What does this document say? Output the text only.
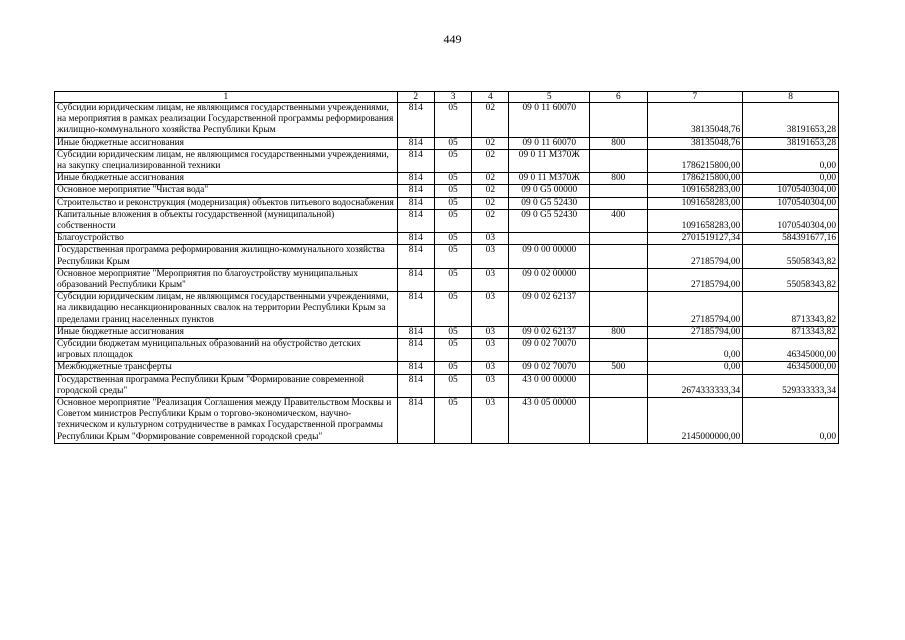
449
1	2	3	4	5	6	7	8
Субсидии юридическим лицам, не являющимся государственными учреждениями, на мероприятия в рамках реализации Государственной программы реформирования жилищно-коммунального хозяйства Республики Крым	814	05	02	09 0 11 60070		38135048,76	38191653,28
Иные бюджетные ассигнования	814	05	02	09 0 11 60070	800	38135048,76	38191653,28
Субсидии юридическим лицам, не являющимся государственными учреждениями, на закупку специализированной техники	814	05	02	09 0 11 М370Ж		1786215800,00	0,00
Иные бюджетные ассигнования	814	05	02	09 0 11 М370Ж	800	1786215800,00	0,00
Основное мероприятие "Чистая вода"	814	05	02	09 0 G5 00000		1091658283,00	1070540304,00
Строительство и реконструкция (модернизация) объектов питьевого водоснабжения	814	05	02	09 0 G5 52430		1091658283,00	1070540304,00
Капитальные вложения в объекты государственной (муниципальной) собственности	814	05	02	09 0 G5 52430	400	1091658283,00	1070540304,00
Благоустройство	814	05	03			2701519127,34	584391677,16
Государственная программа реформирования жилищно-коммунального хозяйства Республики Крым	814	05	03	09 0 00 00000		27185794,00	55058343,82
Основное мероприятие "Мероприятия по благоустройству муниципальных образований Республики Крым"	814	05	03	09 0 02 00000		27185794,00	55058343,82
Субсидии юридическим лицам, не являющимся государственными учреждениями, на ликвидацию несанкционированных свалок на территории Республики Крым за пределами границ населенных пунктов	814	05	03	09 0 02 62137		27185794,00	8713343,82
Иные бюджетные ассигнования	814	05	03	09 0 02 62137	800	27185794,00	8713343,82
Субсидии бюджетам муниципальных образований на обустройство детских игровых площадок	814	05	03	09 0 02 70070		0,00	46345000,00
Межбюджетные трансферты	814	05	03	09 0 02 70070	500	0,00	46345000,00
Государственная программа Республики Крым "Формирование современной городской среды"	814	05	03	43 0 00 00000		2674333333,34	529333333,34
Основное мероприятие "Реализация Соглашения между Правительством Москвы и Советом министров Республики Крым о торгово-экономическом, научно-техническом и культурном сотрудничестве в рамках Государственной программы Республики Крым "Формирование современной городской среды"	814	05	03	43 0 05 00000		2145000000,00	0,00
